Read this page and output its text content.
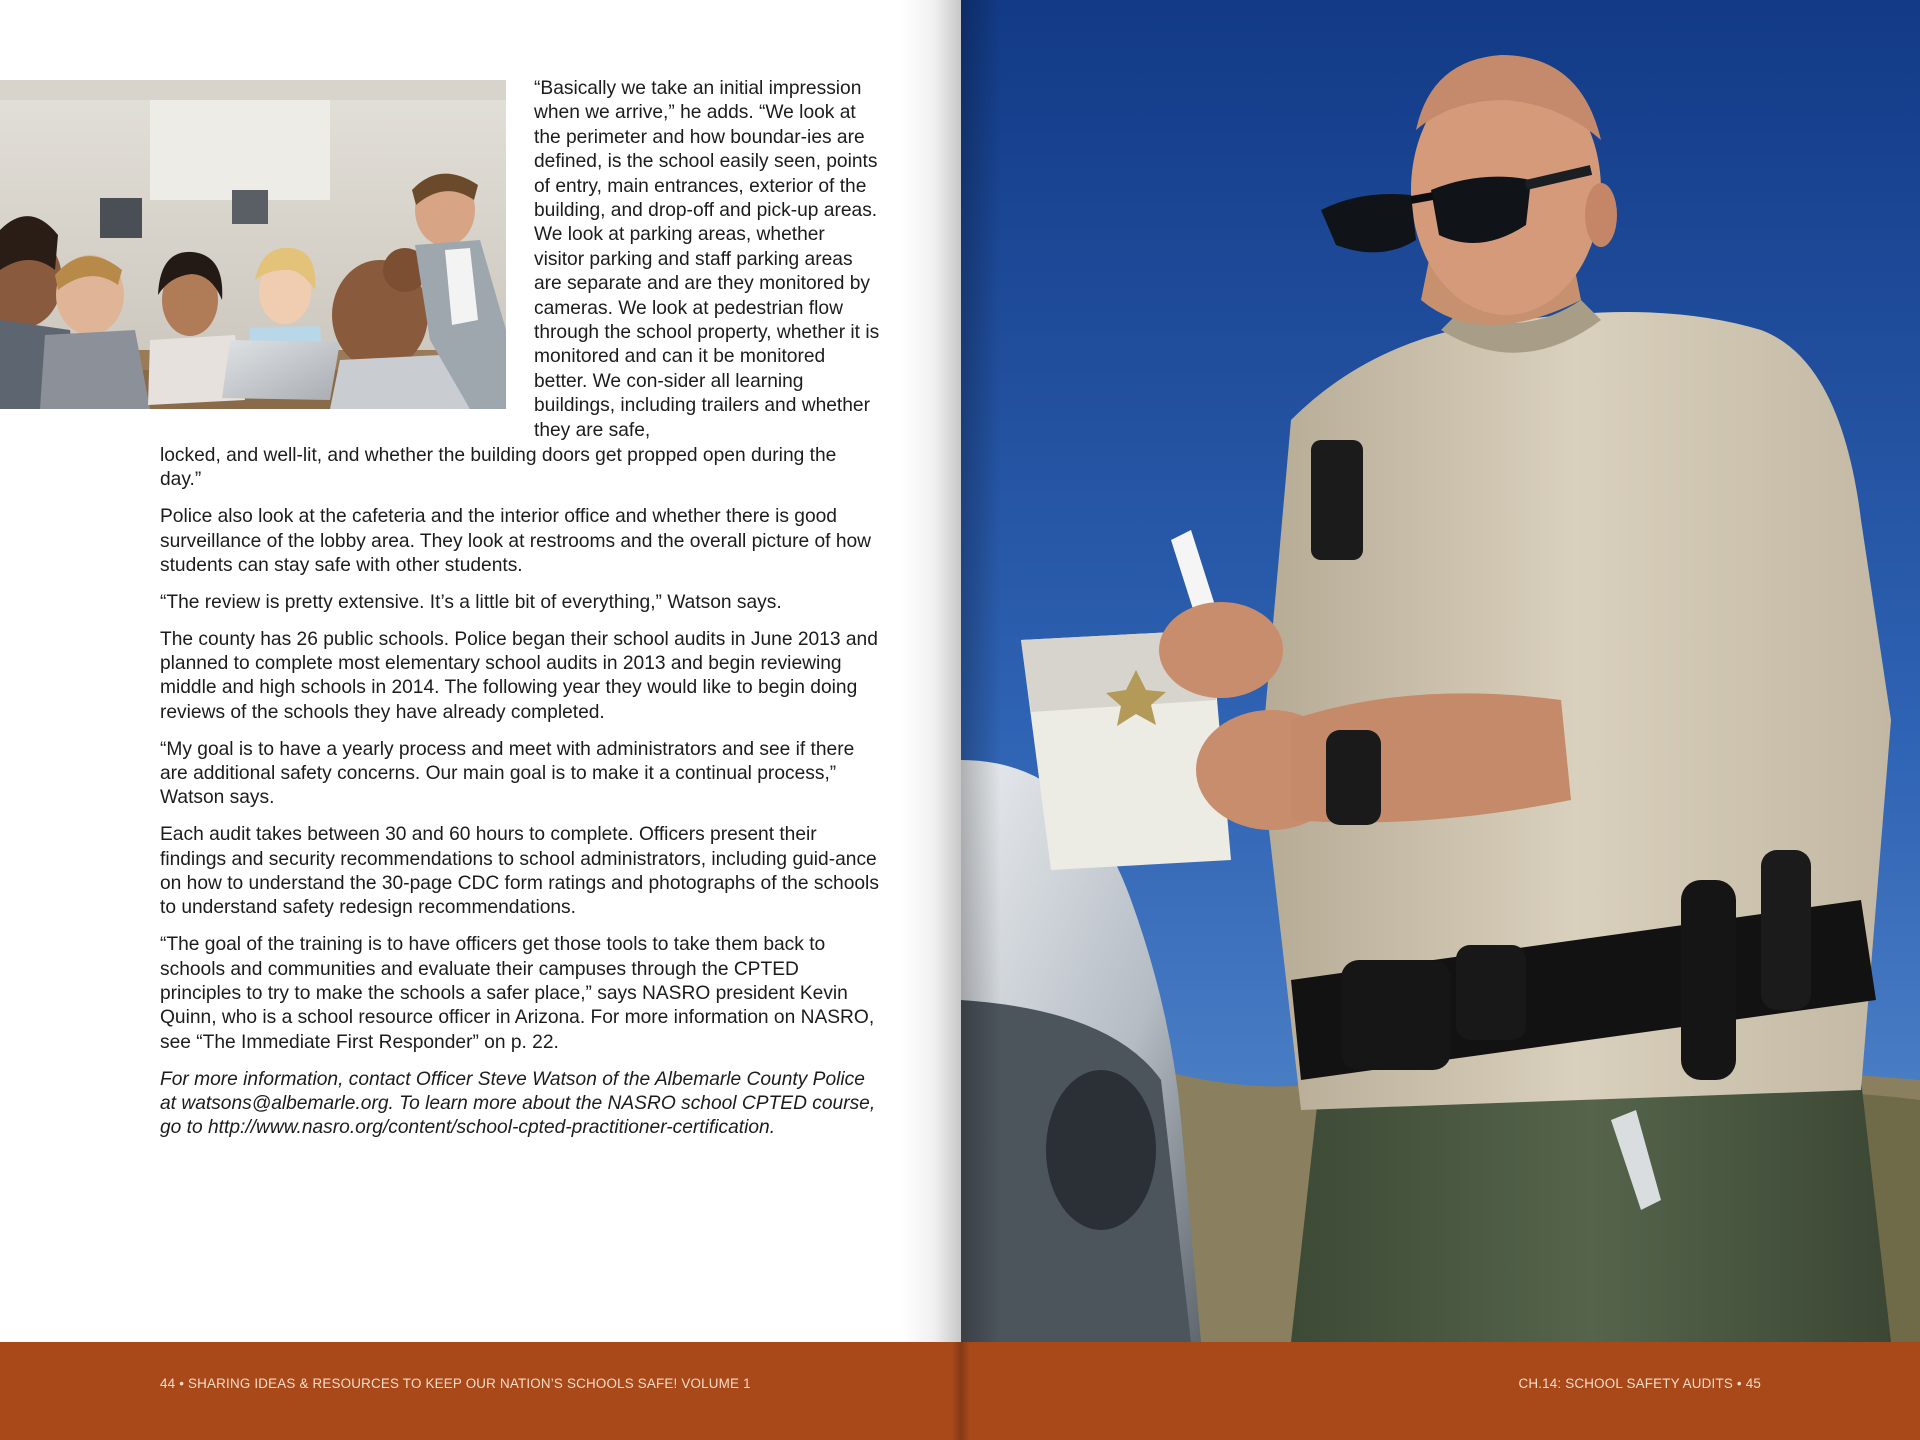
“Basically we take an initial impression when we arrive,” he adds. “We look at the perimeter and how boundar-ies are defined, is the school easily seen, points of entry, main entrances, exterior of the building, and drop-off and pick-up areas. We look at parking areas, whether visitor parking and staff parking areas are separate and are they monitored by cameras. We look at pedestrian flow through the school property, whether it is monitored and can it be monitored better. We con-sider all learning buildings, including trailers and whether they are safe,

locked, and well-lit, and whether the building doors get propped open during the day.”

Police also look at the cafeteria and the interior office and whether there is good surveillance of the lobby area. They look at restrooms and the overall picture of how students can stay safe with other students.

“The review is pretty extensive. It’s a little bit of everything,” Watson says.

The county has 26 public schools. Police began their school audits in June 2013 and planned to complete most elementary school audits in 2013 and begin reviewing middle and high schools in 2014. The following year they would like to begin doing reviews of the schools they have already completed.

“My goal is to have a yearly process and meet with administrators and see if there are additional safety concerns. Our main goal is to make it a continual process,” Watson says.

Each audit takes between 30 and 60 hours to complete. Officers present their findings and security recommendations to school administrators, including guid-ance on how to understand the 30-page CDC form ratings and photographs of the schools to understand safety redesign recommendations.

“The goal of the training is to have officers get those tools to take them back to schools and communities and evaluate their campuses through the CPTED principles to try to make the schools a safer place,” says NASRO president Kevin Quinn, who is a school resource officer in Arizona. For more information on NASRO, see “The Immediate First Responder” on p. 22.

For more information, contact Officer Steve Watson of the Albemarle County Police at watsons@albemarle.org. To learn more about the NASRO school CPTED course, go to http://www.nasro.org/content/school-cpted-practitioner-certification.

44 • SHARING IDEAS & RESOURCES TO KEEP OUR NATION’S SCHOOLS SAFE! VOLUME 1	CH.14: SCHOOL SAFETY AUDITS • 45
